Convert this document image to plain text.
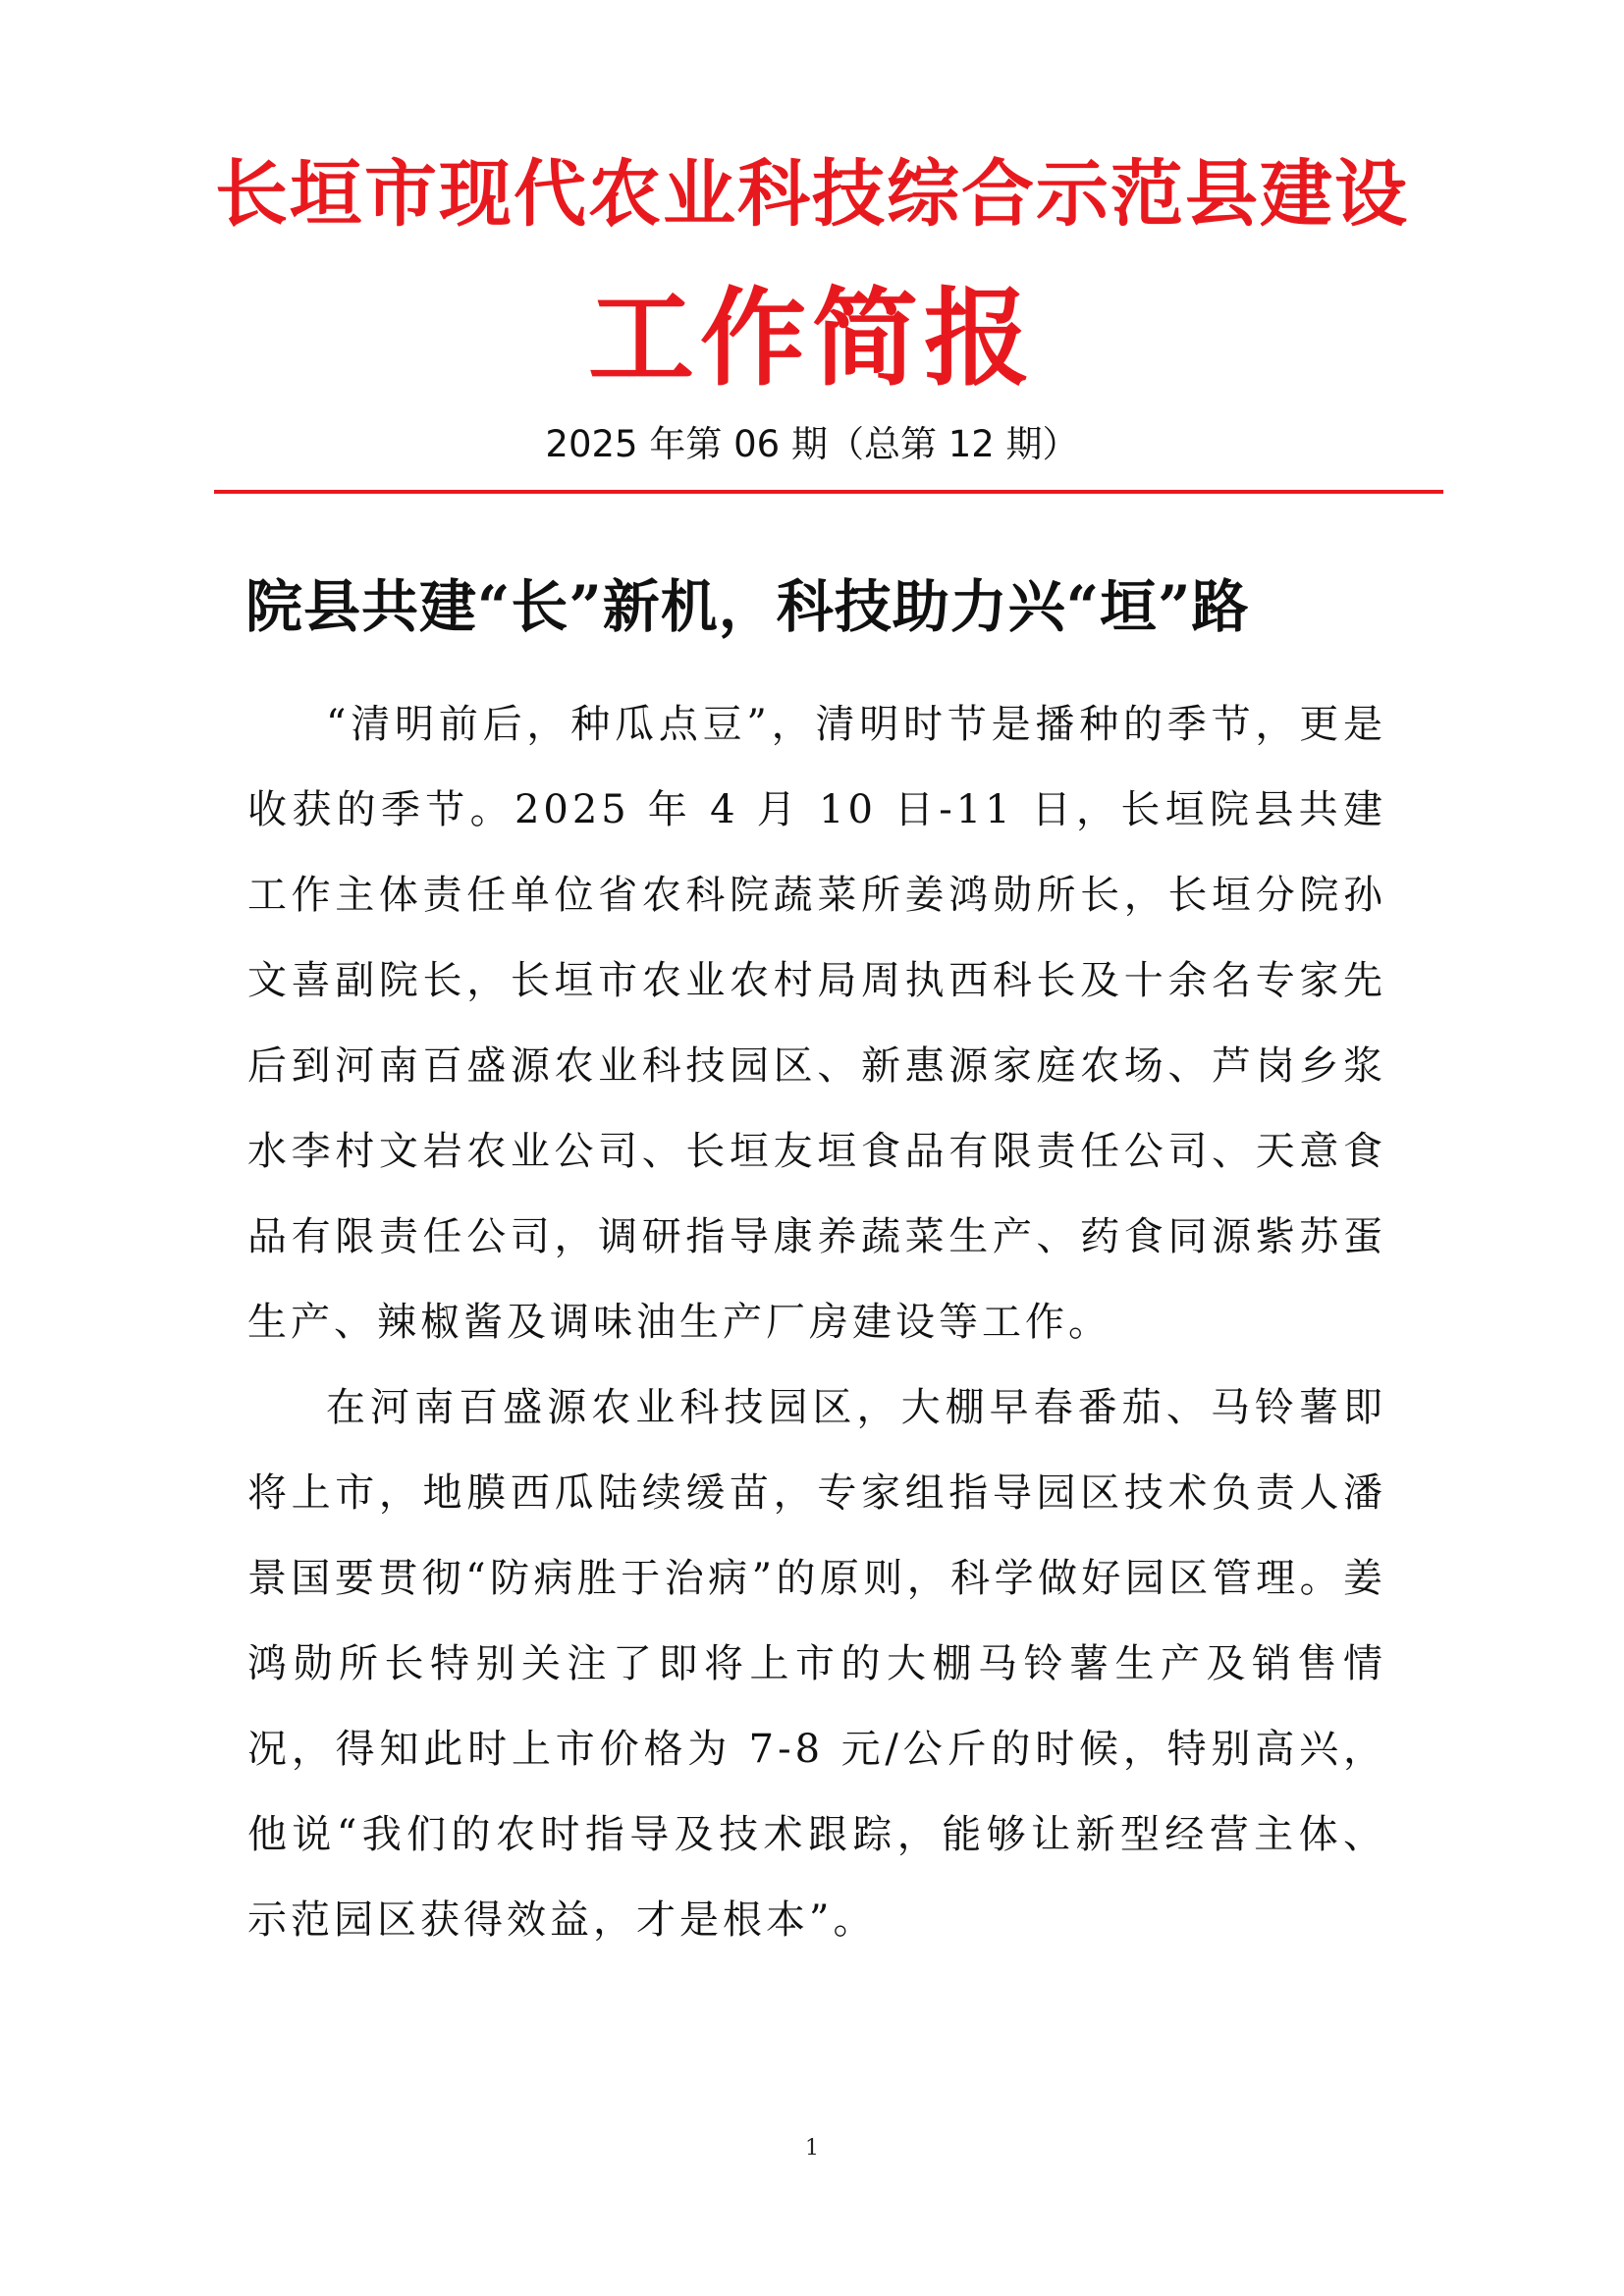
长垣市现代农业科技综合示范县建设
工作简报
2025 年第 06 期（总第 12 期）
院县共建“长”新机，科技助力兴“垣”路

“清明前后，种瓜点豆”，清明时节是播种的季节，更是收获的季节。2025 年 4 月 10 日-11 日，长垣院县共建工作主体责任单位省农科院蔬菜所姜鸿勋所长，长垣分院孙文喜副院长，长垣市农业农村局周执西科长及十余名专家先后到河南百盛源农业科技园区、新惠源家庭农场、芦岗乡浆水李村文岩农业公司、长垣友垣食品有限责任公司、天意食品有限责任公司，调研指导康养蔬菜生产、药食同源紫苏蛋生产、辣椒酱及调味油生产厂房建设等工作。

在河南百盛源农业科技园区，大棚早春番茄、马铃薯即将上市，地膜西瓜陆续缓苗，专家组指导园区技术负责人潘景国要贯彻“防病胜于治病”的原则，科学做好园区管理。姜鸿勋所长特别关注了即将上市的大棚马铃薯生产及销售情况，得知此时上市价格为 7-8 元/公斤的时候，特别高兴，他说“我们的农时指导及技术跟踪，能够让新型经营主体、示范园区获得效益，才是根本”。

1
